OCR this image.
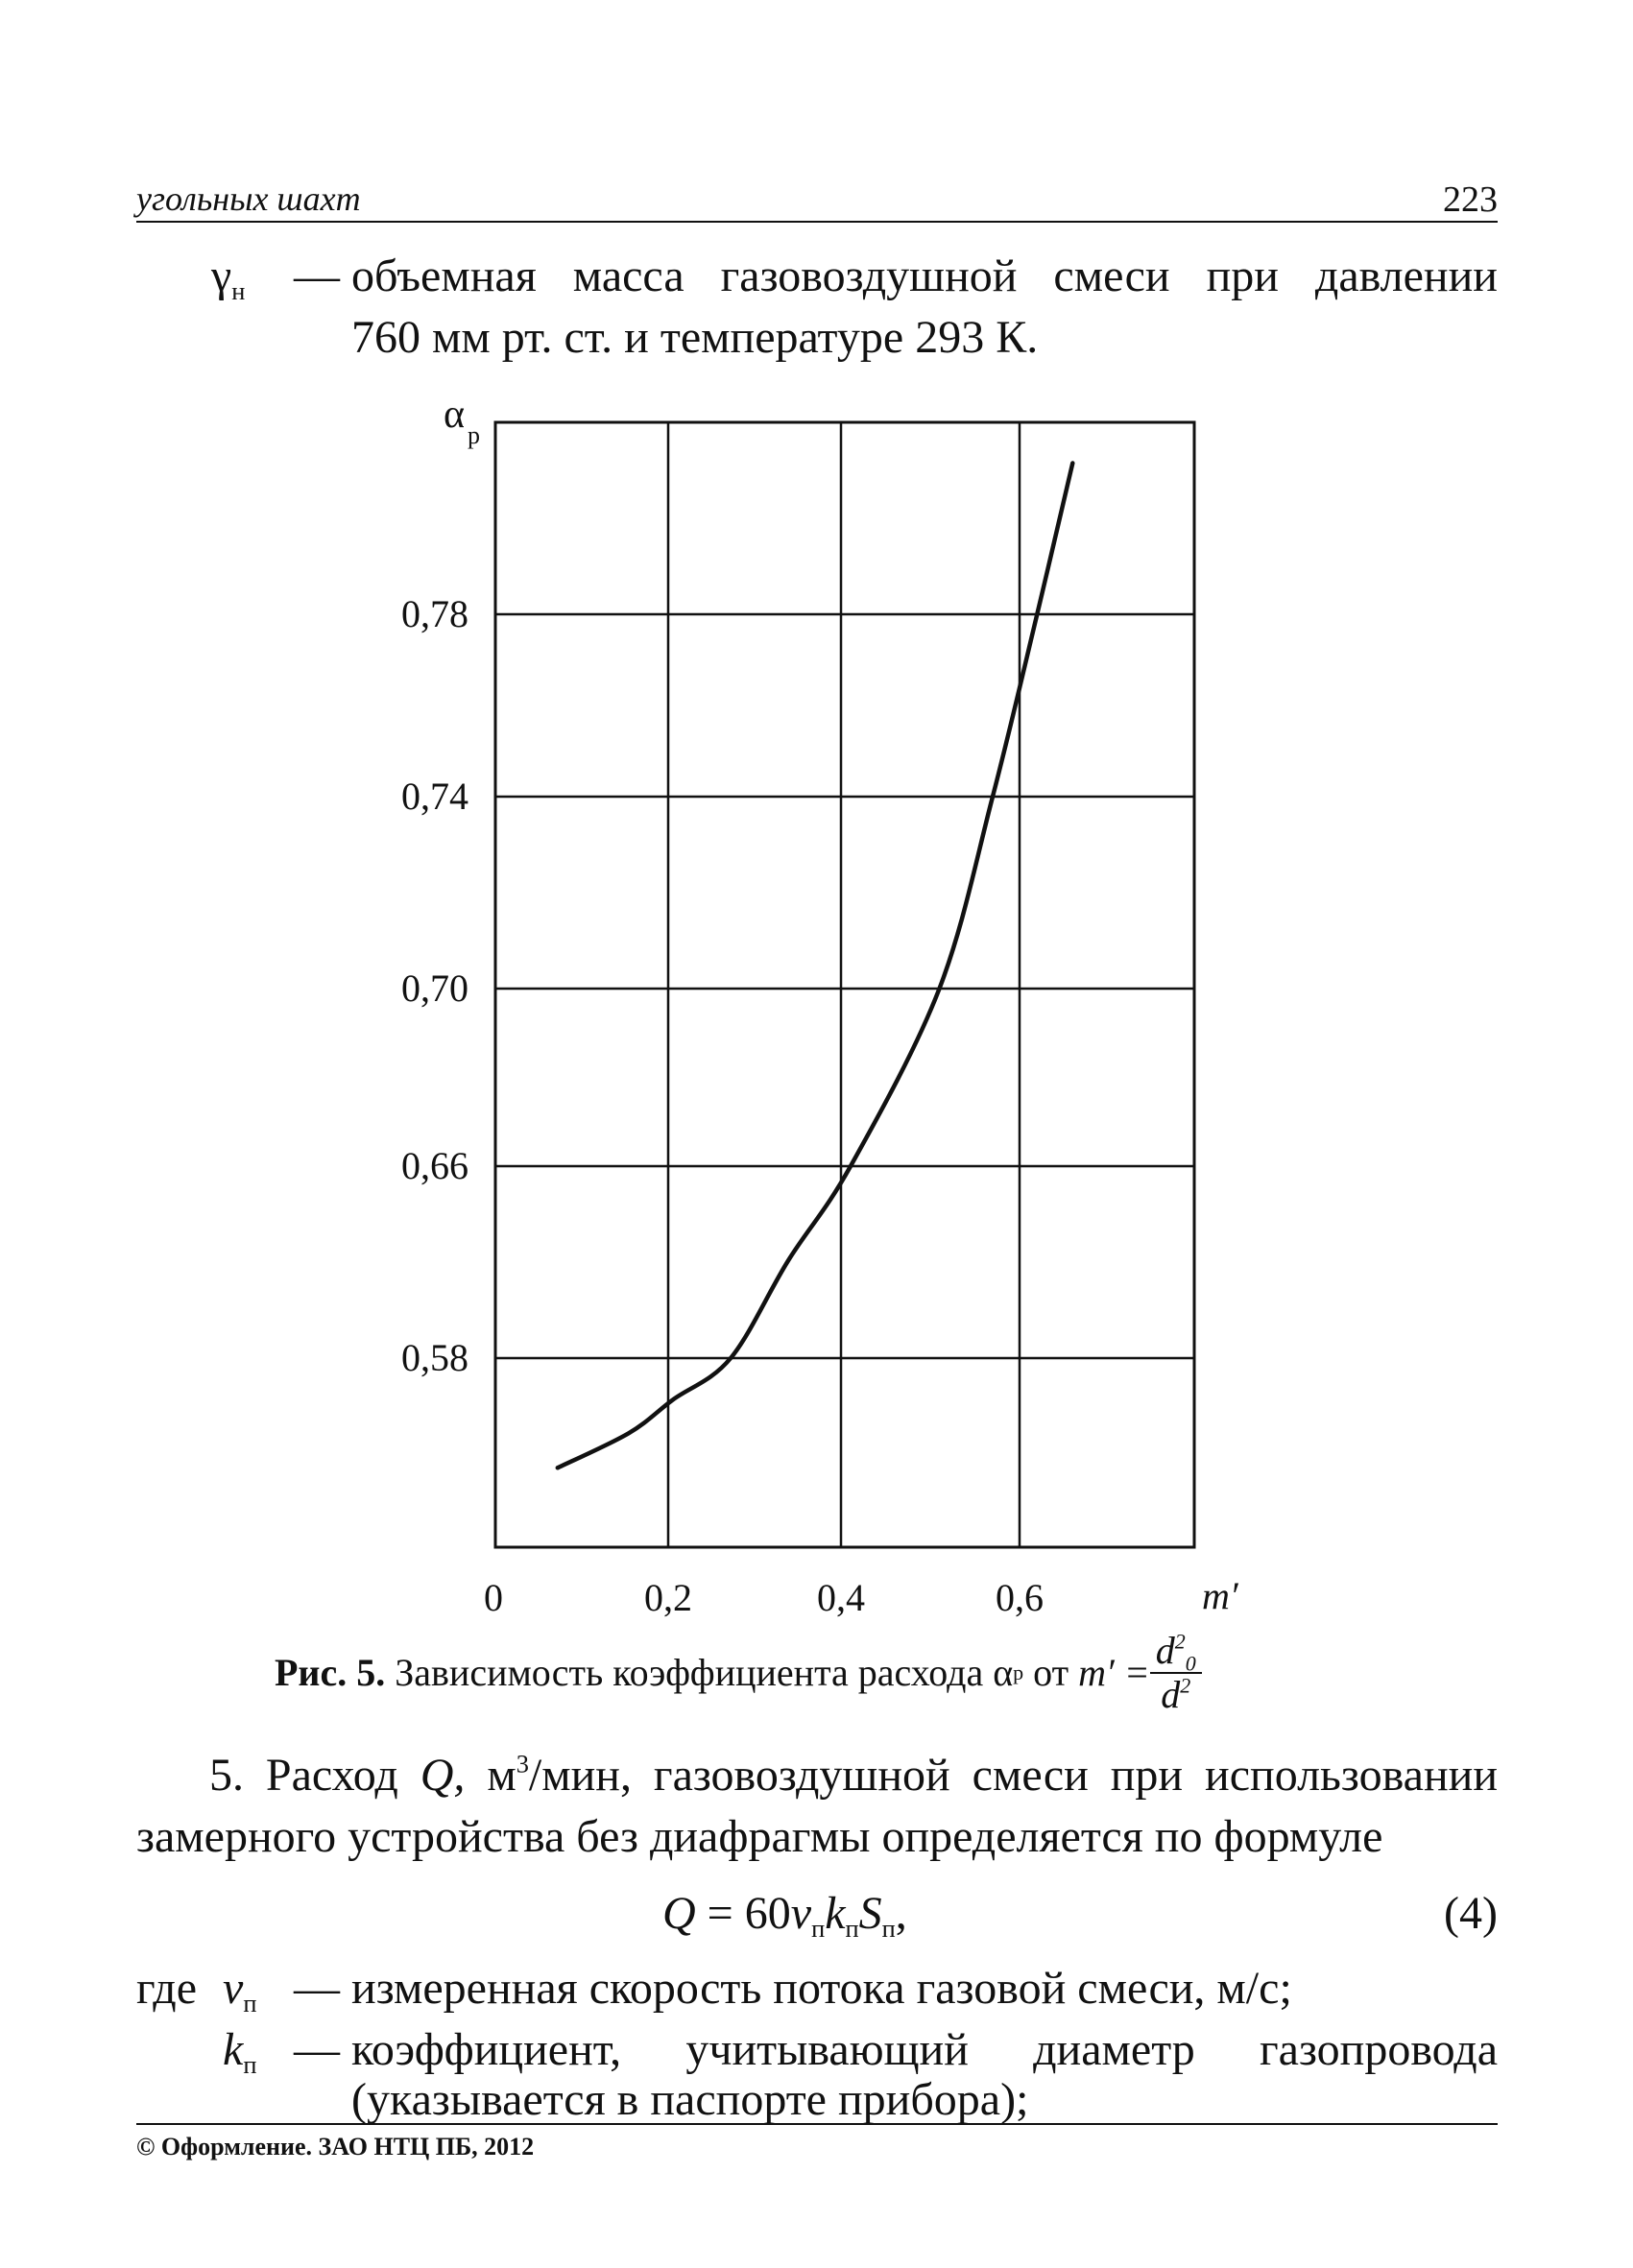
угольных шахт	223
$\gamma_н$ — объемная масса газовоздушной смеси при давлении
760 мм рт. ст. и температуре 293 К.
0,58
0,66
0,70
0,74
0,78
0	0,2	0,4	0,6
α р
m′
Рис. 5.
Зависимость коэффициента расхода α р
от
$m' = \frac{d^2_0}{d^2}$
5. Расход Q, $м^3$/мин, газовоздушной смеси при использовании
замерного устройства без диафрагмы определяется по формуле
$Q = 60v_пk_пS_п$,	(4)
где $v_п$ — измеренная скорость потока газовой смеси, м/с;
$k_п$ — коэффициент, учитывающий диаметр газопровода
(указывается в паспорте прибора);
© Оформление. ЗАО НТЦ ПБ, 2012
